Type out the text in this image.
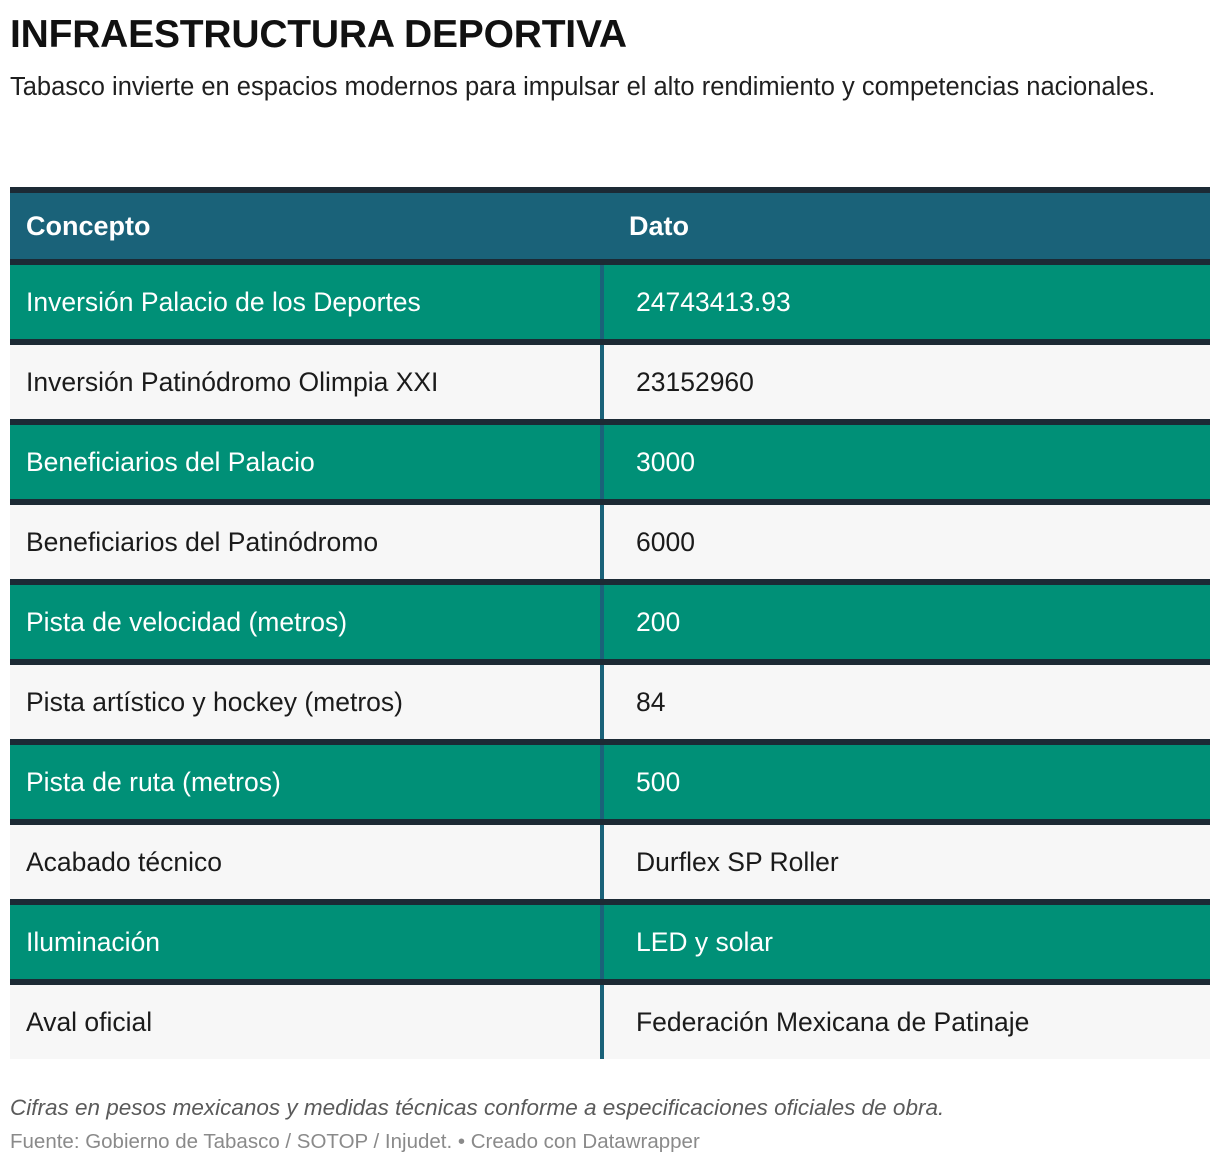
INFRAESTRUCTURA DEPORTIVA
Tabasco invierte en espacios modernos para impulsar el alto rendimiento y competencias nacionales.
Concepto	Dato
Inversión Palacio de los Deportes	24743413.93
Inversión Patinódromo Olimpia XXI	23152960
Beneficiarios del Palacio	3000
Beneficiarios del Patinódromo	6000
Pista de velocidad (metros)	200
Pista artístico y hockey (metros)	84
Pista de ruta (metros)	500
Acabado técnico	Durflex SP Roller
Iluminación	LED y solar
Aval oficial	Federación Mexicana de Patinaje
Cifras en pesos mexicanos y medidas técnicas conforme a especificaciones oficiales de obra.
Fuente: Gobierno de Tabasco / SOTOP / Injudet. • Creado con Datawrapper
